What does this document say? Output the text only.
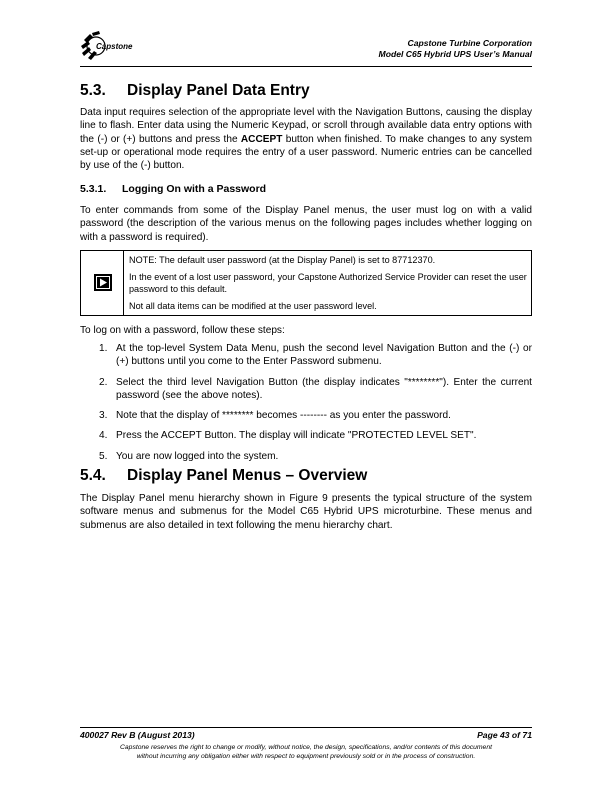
Capstone	Capstone Turbine Corporation
Model C65 Hybrid UPS User’s Manual
5.3. Display Panel Data Entry

Data input requires selection of the appropriate level with the Navigation Buttons, causing the display line to flash. Enter data using the Numeric Keypad, or scroll through available data entry options with the (-) or (+) buttons and press the ACCEPT button when finished. To make changes to any system set-up or operational mode requires the entry of a user password. Numeric entries can be cancelled by use of the (-) button.

5.3.1. Logging On with a Password

To enter commands from some of the Display Panel menus, the user must log on with a valid password (the description of the various menus on the following pages includes whether logging on with a password is required).

NOTE: The default user password (at the Display Panel) is set to 87712370.

In the event of a lost user password, your Capstone Authorized Service Provider can reset the user password to this default.

Not all data items can be modified at the user password level.

To log on with a password, follow these steps:

1. At the top-level System Data Menu, push the second level Navigation Button and the (-) or (+) buttons until you come to the Enter Password submenu.
2. Select the third level Navigation Button (the display indicates "********"). Enter the current password (see the above notes).
3. Note that the display of ******** becomes -------- as you enter the password.
4. Press the ACCEPT Button. The display will indicate "PROTECTED LEVEL SET".
5. You are now logged into the system.
5.4. Display Panel Menus – Overview

The Display Panel menu hierarchy shown in Figure 9 presents the typical structure of the system software menus and submenus for the Model C65 Hybrid UPS microturbine. These menus and submenus are also detailed in text following the menu hierarchy chart.

400027 Rev B (August 2013)	Page 43 of 71
Capstone reserves the right to change or modify, without notice, the design, specifications, and/or contents of this document
without incurring any obligation either with respect to equipment previously sold or in the process of construction.
